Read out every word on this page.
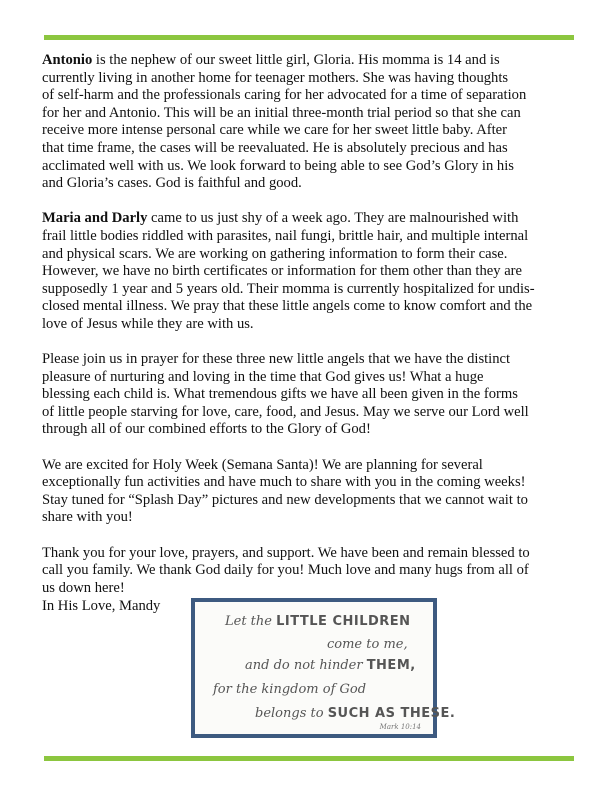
Antonio is the nephew of our sweet little girl, Gloria. His momma is 14 and is
currently living in another home for teenager mothers. She was having thoughts
of self-harm and the professionals caring for her advocated for a time of separation
for her and Antonio. This will be an initial three-month trial period so that she can
receive more intense personal care while we care for her sweet little baby. After
that time frame, the cases will be reevaluated. He is absolutely precious and has
acclimated well with us. We look forward to being able to see God’s Glory in his
and Gloria’s cases. God is faithful and good.

Maria and Darly came to us just shy of a week ago. They are malnourished with
frail little bodies riddled with parasites, nail fungi, brittle hair, and multiple internal
and physical scars. We are working on gathering information to form their case.
However, we have no birth certificates or information for them other than they are
supposedly 1 year and 5 years old. Their momma is currently hospitalized for undis-
closed mental illness. We pray that these little angels come to know comfort and the
love of Jesus while they are with us.

Please join us in prayer for these three new little angels that we have the distinct
pleasure of nurturing and loving in the time that God gives us! What a huge
blessing each child is. What tremendous gifts we have all been given in the forms
of little people starving for love, care, food, and Jesus. May we serve our Lord well
through all of our combined efforts to the Glory of God!

We are excited for Holy Week (Semana Santa)! We are planning for several
exceptionally fun activities and have much to share with you in the coming weeks!
Stay tuned for “Splash Day” pictures and new developments that we cannot wait to
share with you!

Thank you for your love, prayers, and support. We have been and remain blessed to
call you family. We thank God daily for you! Much love and many hugs from all of
us down here!

In His Love, Mandy

Let the LITTLE CHILDREN
come to me,
and do not hinder THEM,
for the kingdom of God
belongs to SUCH AS THESE.
Mark 10:14
